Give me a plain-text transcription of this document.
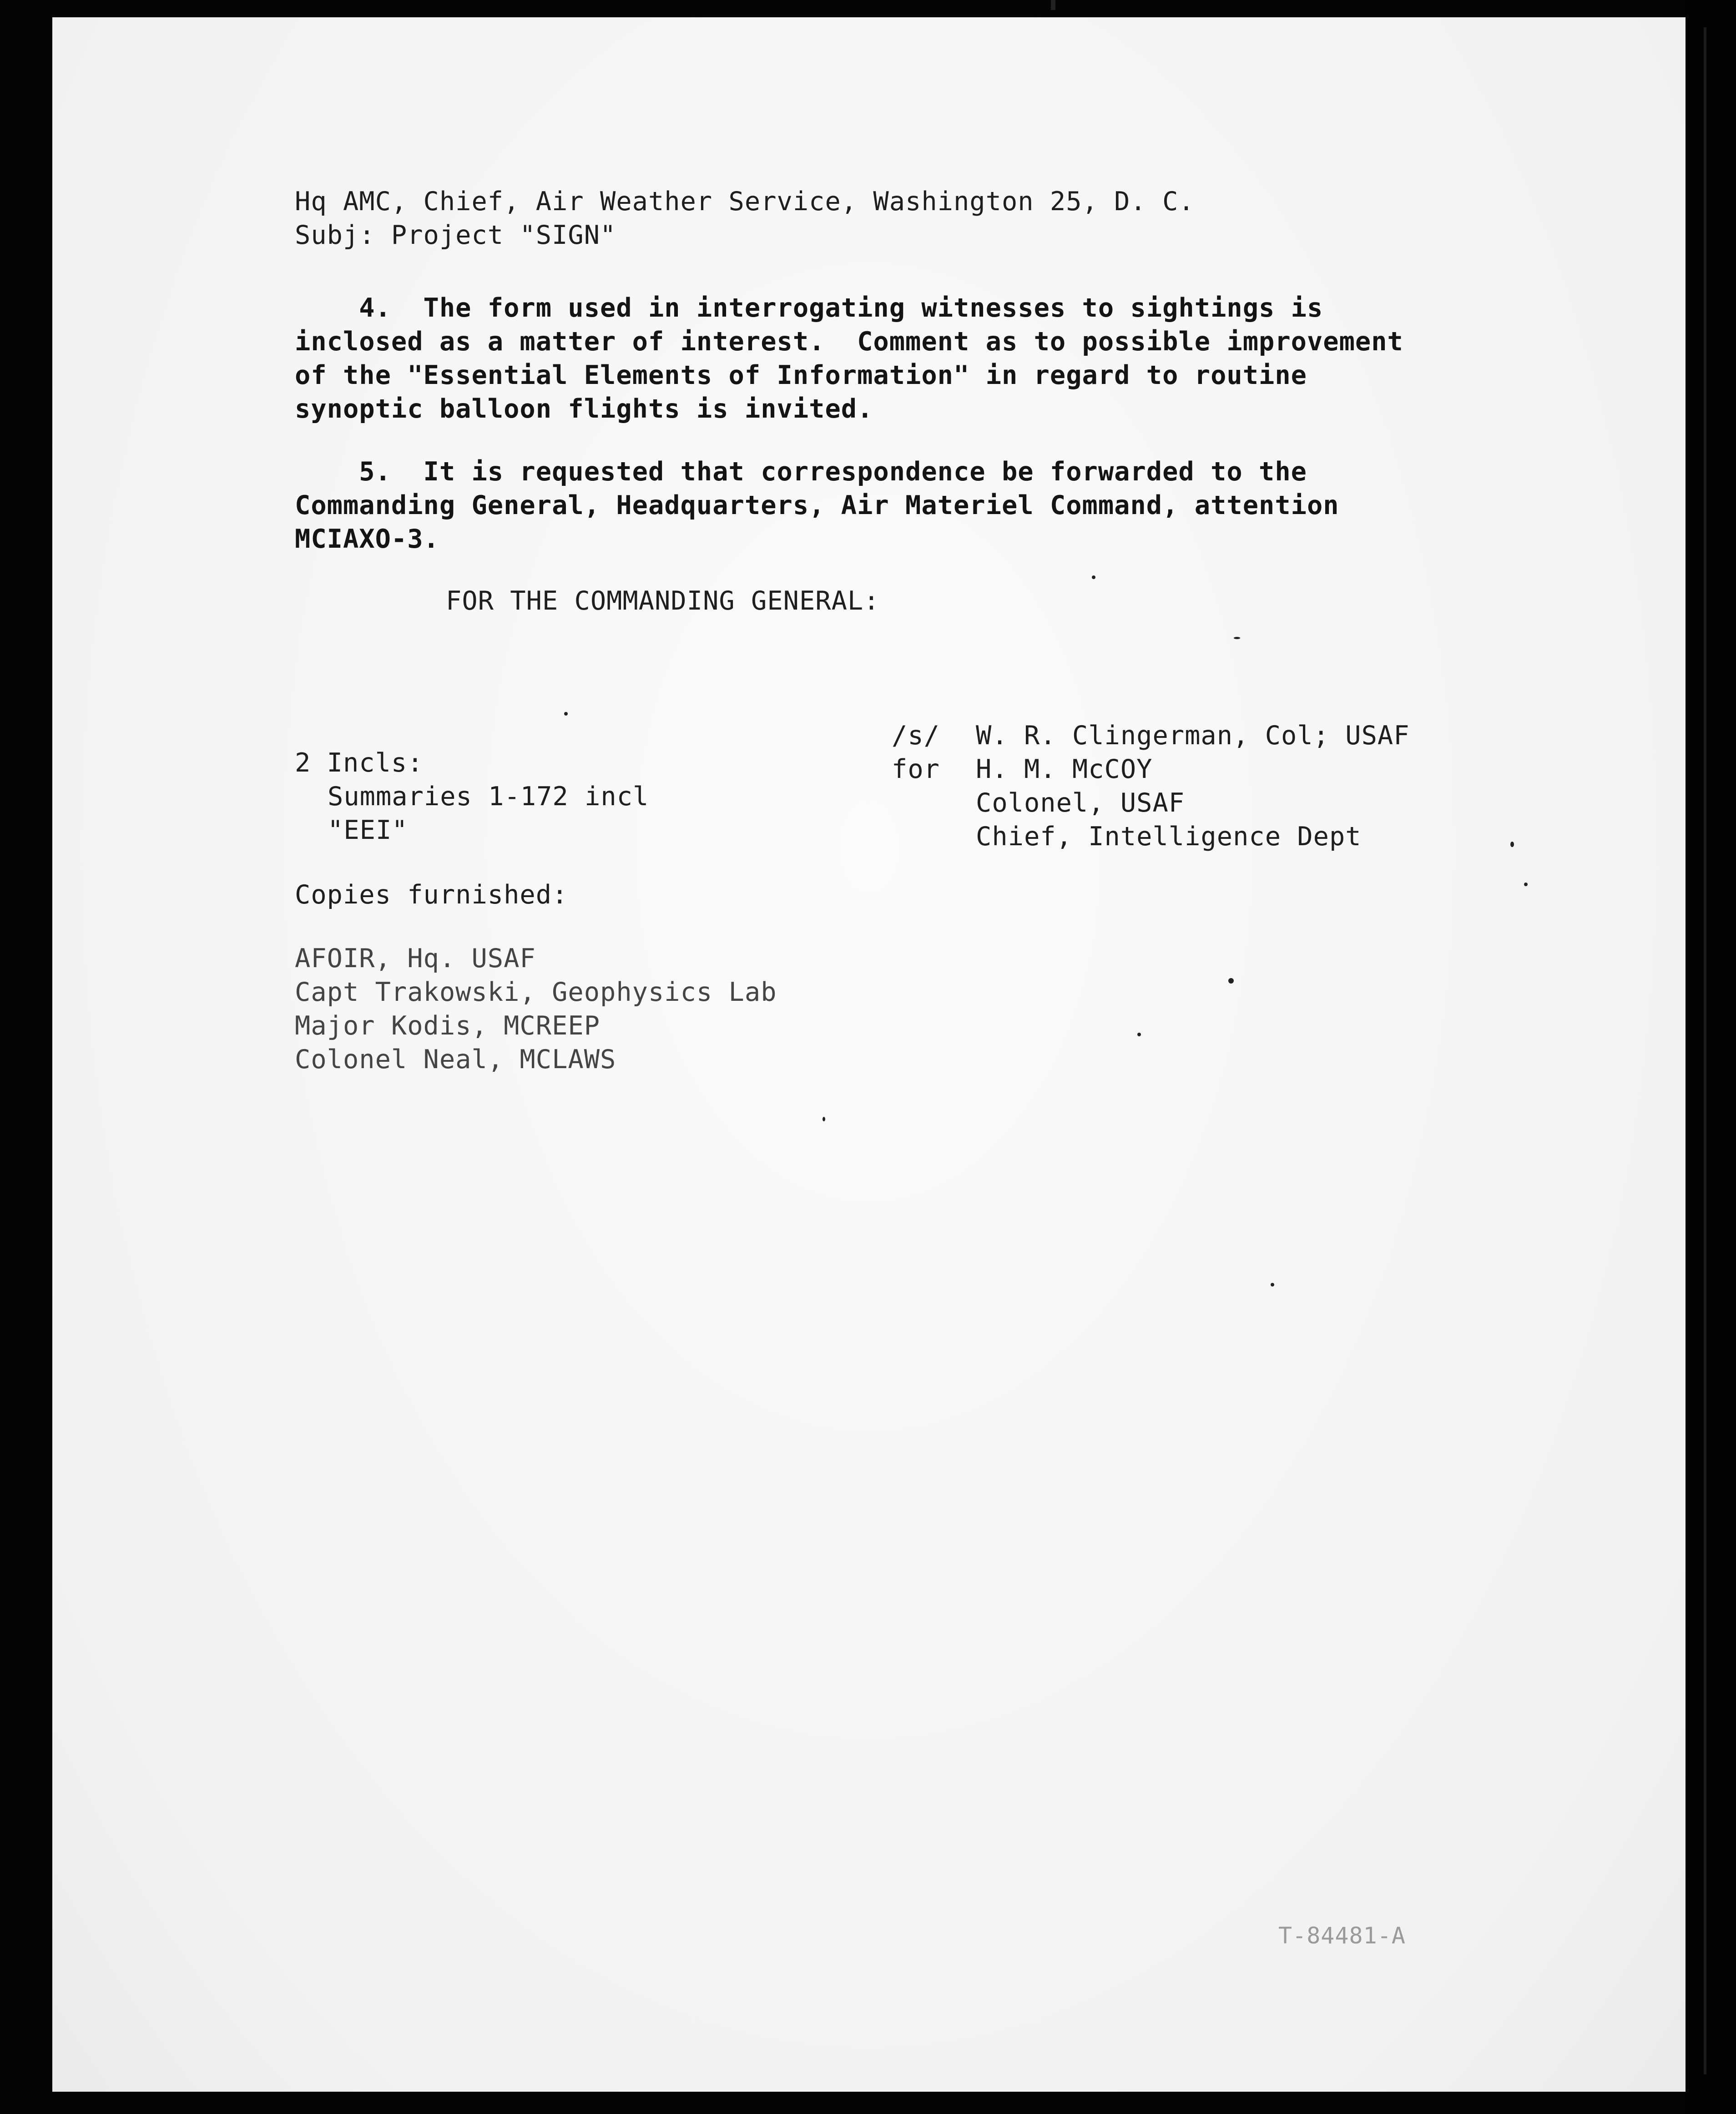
Hq AMC, Chief, Air Weather Service, Washington 25, D. C.
Subj: Project "SIGN"
4.  The form used in interrogating witnesses to sightings is
inclosed as a matter of interest.  Comment as to possible improvement
of the "Essential Elements of Information" in regard to routine
synoptic balloon flights is invited.
5.  It is requested that correspondence be forwarded to the
Commanding General, Headquarters, Air Materiel Command, attention
MCIAXO-3.
FOR THE COMMANDING GENERAL:
/s/
for
W. R. Clingerman, Col; USAF
H. M. McCOY
Colonel, USAF
Chief, Intelligence Dept
2 Incls:
Summaries 1-172 incl
"EEI"
Copies furnished:
AFOIR, Hq. USAF
Capt Trakowski, Geophysics Lab
Major Kodis, MCREEP
Colonel Neal, MCLAWS
T-84481-A
